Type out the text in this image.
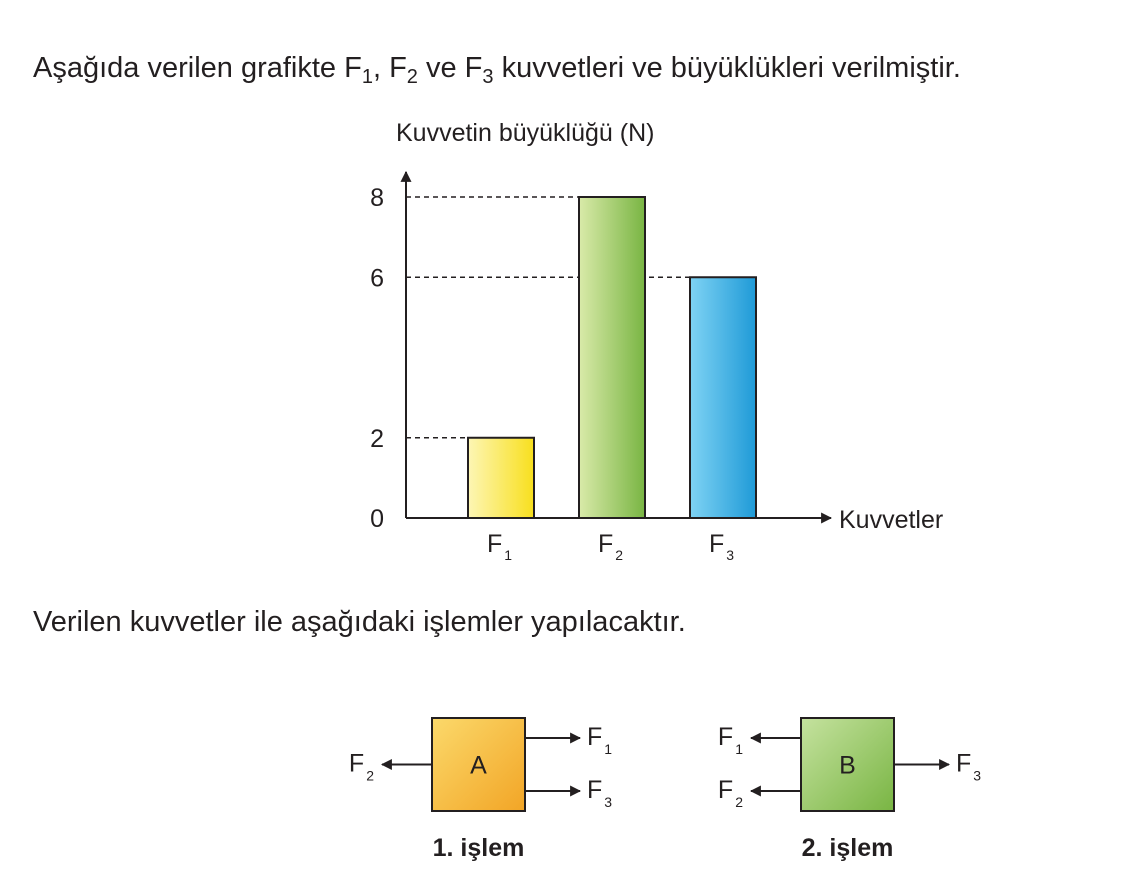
Aşağıda verilen grafikte $F_1$, $F_2$ ve $F_3$ kuvvetleri ve büyüklükleri verilmiştir.

Verilen kuvvetler ile aşağıdaki işlemler yapılacaktır.

Kuvvetin büyüklüğü (N)
Kuvvetler
0
2
6
8
F $_1$	F $_2$	F $_3$
A
1. işlem
F $_2$
F $_1$
F $_3$
B
2. işlem
F $_1$
F $_2$
F $_3$
